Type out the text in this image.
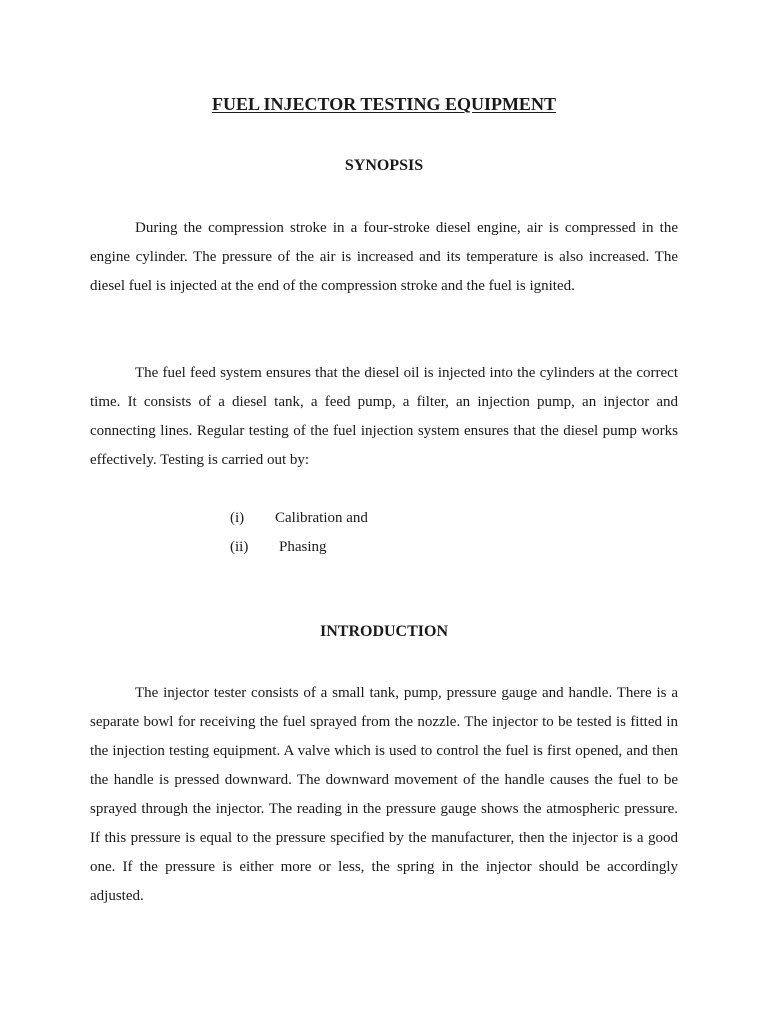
FUEL INJECTOR TESTING EQUIPMENT
SYNOPSIS

During the compression stroke in a four-stroke diesel engine, air is compressed in the engine cylinder. The pressure of the air is increased and its temperature is also increased. The diesel fuel is injected at the end of the compression stroke and the fuel is ignited.

The fuel feed system ensures that the diesel oil is injected into the cylinders at the correct time. It consists of a diesel tank, a feed pump, a filter, an injection pump, an injector and connecting lines. Regular testing of the fuel injection system ensures that the diesel pump works effectively. Testing is carried out by:

(i)	Calibration and
(ii)	Phasing
INTRODUCTION

The injector tester consists of a small tank, pump, pressure gauge and handle. There is a separate bowl for receiving the fuel sprayed from the nozzle. The injector to be tested is fitted in the injection testing equipment. A valve which is used to control the fuel is first opened, and then the handle is pressed downward. The downward movement of the handle causes the fuel to be sprayed through the injector. The reading in the pressure gauge shows the atmospheric pressure. If this pressure is equal to the pressure specified by the manufacturer, then the injector is a good one. If the pressure is either more or less, the spring in the injector should be accordingly adjusted.
